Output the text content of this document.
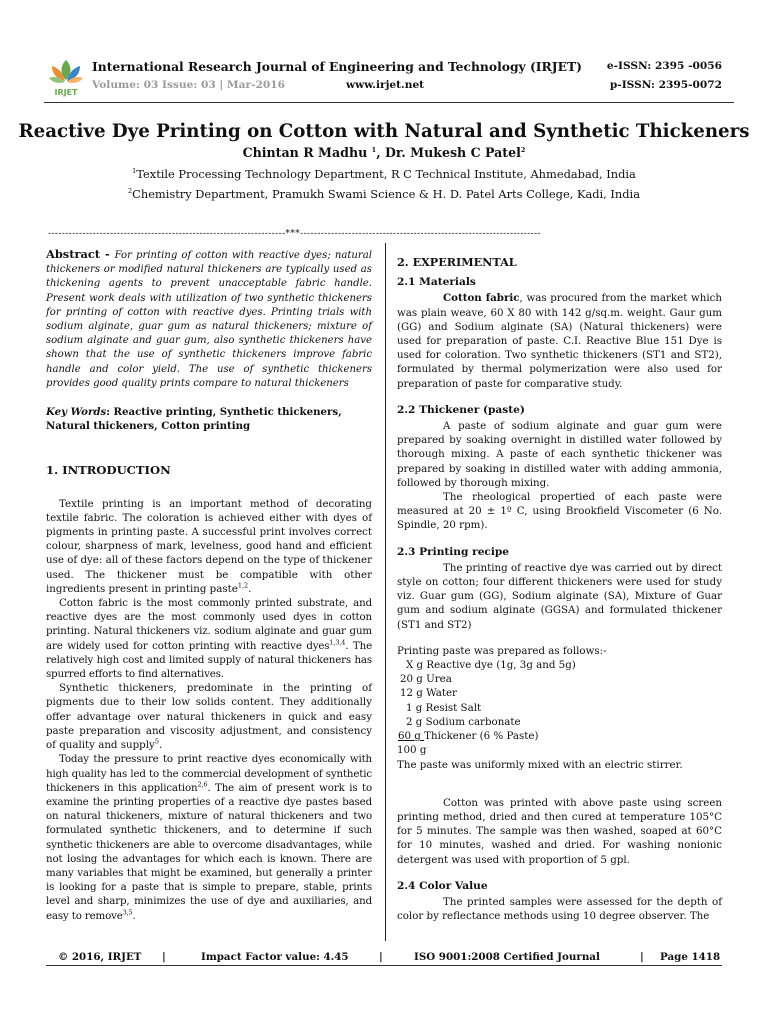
IRJET
International Research Journal of Engineering and Technology (IRJET)
Volume: 03 Issue: 03 | Mar-2016	www.irjet.net
e-ISSN: 2395 -0056
p-ISSN: 2395-0072
Reactive Dye Printing on Cotton with Natural and Synthetic Thickeners
Chintan R Madhu $^1$, Dr. Mukesh C Patel$^2$
$^1$Textile Processing Technology Department, R C Technical Institute, Ahmedabad, India
$^2$Chemistry Department, Pramukh Swami Science & H. D. Patel Arts College, Kadi, India
---------------------------------------------------------------------***----------------------------------------------------------------------

Abstract - For printing of cotton with reactive dyes; natural thickeners or modified natural thickeners are typically used as thickening agents to prevent unacceptable fabric handle. Present work deals with utilization of two synthetic thickeners for printing of cotton with reactive dyes. Printing trials with sodium alginate, guar gum as natural thickeners; mixture of sodium alginate and guar gum, also synthetic thickeners have shown that the use of synthetic thickeners improve fabric handle and color yield. The use of synthetic thickeners provides good quality prints compare to natural thickeners

Key Words: Reactive printing, Synthetic thickeners, Natural thickeners, Cotton printing

1. INTRODUCTION

Textile printing is an important method of decorating textile fabric. The coloration is achieved either with dyes of pigments in printing paste. A successful print involves correct colour, sharpness of mark, levelness, good hand and efficient use of dye: all of these factors depend on the type of thickener used. The thickener must be compatible with other ingredients present in printing paste$^{1,2}$.

Cotton fabric is the most commonly printed substrate, and reactive dyes are the most commonly used dyes in cotton printing. Natural thickeners viz. sodium alginate and guar gum are widely used for cotton printing with reactive dyes$^{1,3,4}$. The relatively high cost and limited supply of natural thickeners has spurred efforts to find alternatives.

Synthetic thickeners, predominate in the printing of pigments due to their low solids content. They additionally offer advantage over natural thickeners in quick and easy paste preparation and viscosity adjustment, and consistency of quality and supply$^5$.

Today the pressure to print reactive dyes economically with high quality has led to the commercial development of synthetic thickeners in this application$^{2,6}$. The aim of present work is to examine the printing properties of a reactive dye pastes based on natural thickeners, mixture of natural thickeners and two formulated synthetic thickeners, and to determine if such synthetic thickeners are able to overcome disadvantages, while not losing the advantages for which each is known. There are many variables that might be examined, but generally a printer is looking for a paste that is simple to prepare, stable, prints level and sharp, minimizes the use of dye and auxiliaries, and easy to remove$^{3,5}$.

2. EXPERIMENTAL
2.1 Materials

Cotton fabric, was procured from the market which was plain weave, 60 X 80 with 142 g/sq.m. weight. Gaur gum (GG) and Sodium alginate (SA) (Natural thickeners) were used for preparation of paste. C.I. Reactive Blue 151 Dye is used for coloration. Two synthetic thickeners (ST1 and ST2), formulated by thermal polymerization were also used for preparation of paste for comparative study.

2.2 Thickener (paste)

A paste of sodium alginate and guar gum were prepared by soaking overnight in distilled water followed by thorough mixing. A paste of each synthetic thickener was prepared by soaking in distilled water with adding ammonia, followed by thorough mixing.

The rheological propertied of each paste were measured at 20 ± 1º C, using Brookfield Viscometer (6 No. Spindle, 20 rpm).

2.3 Printing recipe

The printing of reactive dye was carried out by direct style on cotton; four different thickeners were used for study viz. Guar gum (GG), Sodium alginate (SA), Mixture of Guar gum and sodium alginate (GGSA) and formulated thickener (ST1 and ST2)

Printing paste was prepared as follows:-
X g Reactive dye (1g, 3g and 5g)
20 g Urea
12 g Water
1 g Resist Salt
2 g Sodium carbonate
60 g Thickener (6 % Paste)
100 g
The paste was uniformly mixed with an electric stirrer.

Cotton was printed with above paste using screen printing method, dried and then cured at temperature 105°C for 5 minutes. The sample was then washed, soaped at 60°C for 10 minutes, washed and dried. For washing nonionic detergent was used with proportion of 5 gpl.

2.4 Color Value

The printed samples were assessed for the depth of color by reflectance methods using 10 degree observer. The

© 2016, IRJET |	Impact Factor value: 4.45	|	ISO 9001:2008 Certified Journal	| Page 1418
